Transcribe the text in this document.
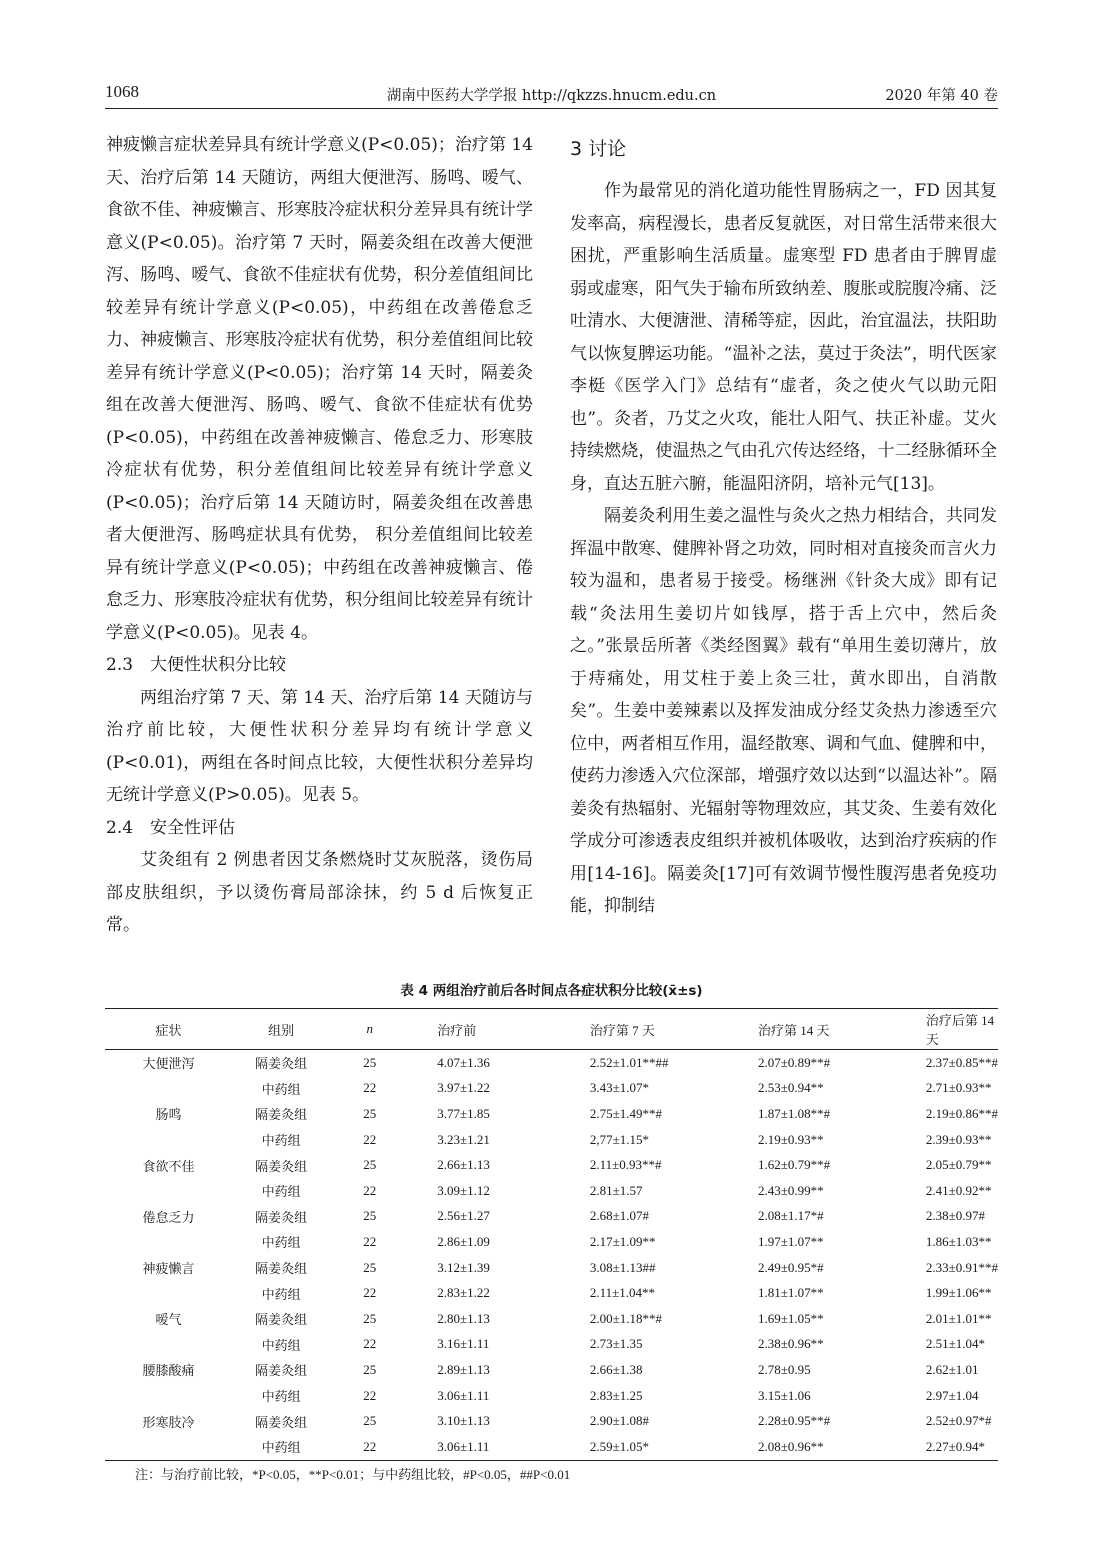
1068	湖南中医药大学学报 http://qkzzs.hnucm.edu.cn	2020 年第 40 卷

神疲懒言症状差异具有统计学意义(P<0.05)；治疗第 14 天、治疗后第 14 天随访，两组大便泄泻、肠鸣、嗳气、食欲不佳、神疲懒言、形寒肢冷症状积分差异具有统计学意义(P<0.05)。治疗第 7 天时，隔姜灸组在改善大便泄泻、肠鸣、嗳气、食欲不佳症状有优势，积分差值组间比较差异有统计学意义(P<0.05)，中药组在改善倦怠乏力、神疲懒言、形寒肢冷症状有优势，积分差值组间比较差异有统计学意义(P<0.05)；治疗第 14 天时，隔姜灸组在改善大便泄泻、肠鸣、嗳气、食欲不佳症状有优势(P<0.05)，中药组在改善神疲懒言、倦怠乏力、形寒肢冷症状有优势，积分差值组间比较差异有统计学意义(P<0.05)；治疗后第 14 天随访时，隔姜灸组在改善患者大便泄泻、肠鸣症状具有优势， 积分差值组间比较差异有统计学意义(P<0.05)；中药组在改善神疲懒言、倦怠乏力、形寒肢冷症状有优势，积分组间比较差异有统计学意义(P<0.05)。见表 4。

2.3　大便性状积分比较

两组治疗第 7 天、第 14 天、治疗后第 14 天随访与治疗前比较，大便性状积分差异均有统计学意义(P<0.01)，两组在各时间点比较，大便性状积分差异均无统计学意义(P>0.05)。见表 5。

2.4　安全性评估

艾灸组有 2 例患者因艾条燃烧时艾灰脱落，烫伤局部皮肤组织，予以烫伤膏局部涂抹，约 5 d 后恢复正常。

3 讨论

作为最常见的消化道功能性胃肠病之一，FD 因其复发率高，病程漫长，患者反复就医，对日常生活带来很大困扰，严重影响生活质量。虚寒型 FD 患者由于脾胃虚弱或虚寒，阳气失于输布所致纳差、腹胀或脘腹冷痛、泛吐清水、大便溏泄、清稀等症，因此，治宜温法，扶阳助气以恢复脾运功能。“温补之法，莫过于灸法”，明代医家李梃《医学入门》总结有“虚者，灸之使火气以助元阳也”。灸者，乃艾之火攻，能壮人阳气、扶正补虚。艾火持续燃烧，使温热之气由孔穴传达经络，十二经脉循环全身，直达五脏六腑，能温阳济阴，培补元气[13]。

隔姜灸利用生姜之温性与灸火之热力相结合，共同发挥温中散寒、健脾补肾之功效，同时相对直接灸而言火力较为温和，患者易于接受。杨继洲《针灸大成》即有记载“灸法用生姜切片如钱厚，搭于舌上穴中，然后灸之。”张景岳所著《类经图翼》载有“单用生姜切薄片，放于痔痛处，用艾柱于姜上灸三壮，黄水即出，自消散矣”。生姜中姜辣素以及挥发油成分经艾灸热力渗透至穴位中，两者相互作用，温经散寒、调和气血、健脾和中，使药力渗透入穴位深部，增强疗效以达到“以温达补”。隔姜灸有热辐射、光辐射等物理效应，其艾灸、生姜有效化学成分可渗透表皮组织并被机体吸收，达到治疗疾病的作用[14-16]。隔姜灸[17]可有效调节慢性腹泻患者免疫功能，抑制结

表 4 两组治疗前后各时间点各症状积分比较(x̄±s)
症状	组别	n	治疗前	治疗第 7 天	治疗第 14 天	治疗后第 14 天
大便泄泻	隔姜灸组	25	4.07±1.36	2.52±1.01**##	2.07±0.89**#	2.37±0.85**#
	中药组	22	3.97±1.22	3.43±1.07*	2.53±0.94**	2.71±0.93**
肠鸣	隔姜灸组	25	3.77±1.85	2.75±1.49**#	1.87±1.08**#	2.19±0.86**#
	中药组	22	3.23±1.21	2,77±1.15*	2.19±0.93**	2.39±0.93**
食欲不佳	隔姜灸组	25	2.66±1.13	2.11±0.93**#	1.62±0.79**#	2.05±0.79**
	中药组	22	3.09±1.12	2.81±1.57	2.43±0.99**	2.41±0.92**
倦怠乏力	隔姜灸组	25	2.56±1.27	2.68±1.07#	2.08±1.17*#	2.38±0.97#
	中药组	22	2.86±1.09	2.17±1.09**	1.97±1.07**	1.86±1.03**
神疲懒言	隔姜灸组	25	3.12±1.39	3.08±1.13##	2.49±0.95*#	2.33±0.91**#
	中药组	22	2.83±1.22	2.11±1.04**	1.81±1.07**	1.99±1.06**
嗳气	隔姜灸组	25	2.80±1.13	2.00±1.18**#	1.69±1.05**	2.01±1.01**
	中药组	22	3.16±1.11	2.73±1.35	2.38±0.96**	2.51±1.04*
腰膝酸痛	隔姜灸组	25	2.89±1.13	2.66±1.38	2.78±0.95	2.62±1.01
	中药组	22	3.06±1.11	2.83±1.25	3.15±1.06	2.97±1.04
形寒肢冷	隔姜灸组	25	3.10±1.13	2.90±1.08#	2.28±0.95**#	2.52±0.97*#
	中药组	22	3.06±1.11	2.59±1.05*	2.08±0.96**	2.27±0.94*
注：与治疗前比较，*P<0.05，**P<0.01；与中药组比较，#P<0.05，##P<0.01
